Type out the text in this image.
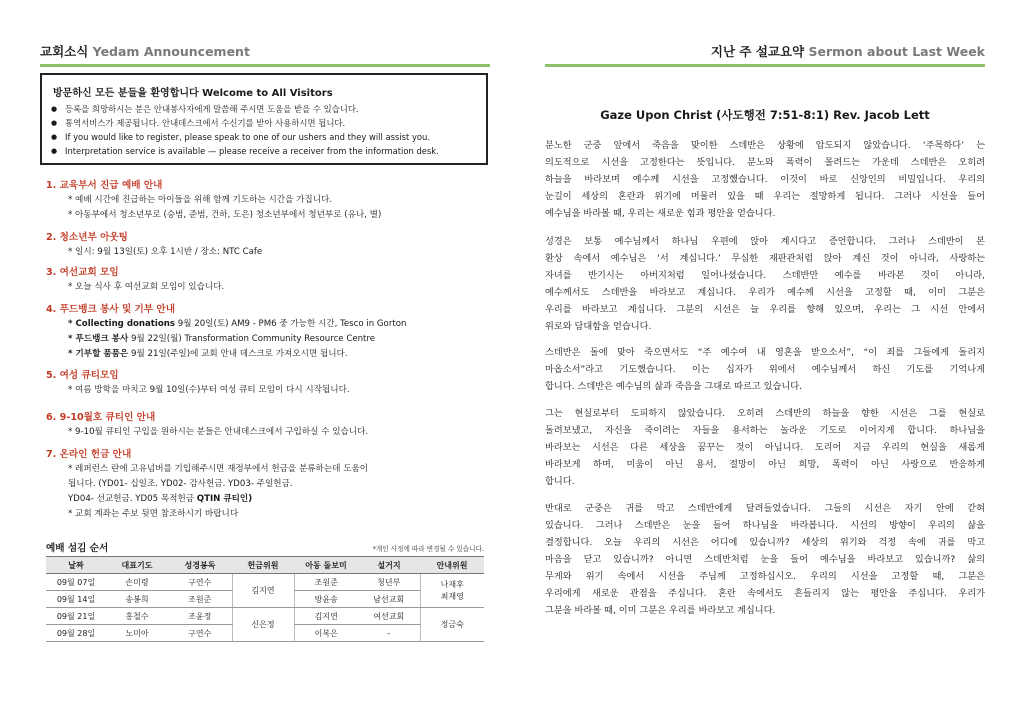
교회소식 Yedam Announcement
방문하신 모든 분들을 환영합니다 Welcome to All Visitors
● 등록을 희망하시는 분은 안내봉사자에게 말씀해 주시면 도움을 받을 수 있습니다.
● 통역서비스가 제공됩니다. 안내데스크에서 수신기를 받아 사용하시면 됩니다.
● If you would like to register, please speak to one of our ushers and they will assist you.
● Interpretation service is available — please receive a receiver from the information desk.
1. 교육부서 진급 예배 안내
* 예배 시간에 진급하는 아이들을 위해 함께 기도하는 시간을 가집니다.
* 아동부에서 청소년부로 (승범, 준범, 건하, 도은) 청소년부에서 청년부로 (유나, 별)
2. 청소년부 아웃팅
* 일시: 9월 13일(토) 오후 1시반 / 장소: NTC Cafe
3. 여선교회 모임
* 오늘 식사 후 여선교회 모임이 있습니다.
4. 푸드뱅크 봉사 및 기부 안내
* Collecting donations 9월 20일(토) AM9 - PM6 중 가능한 시간, Tesco in Gorton
* 푸드뱅크 봉사 9월 22일(월) Transformation Community Resource Centre
* 기부할 품품은 9월 21일(주일)에 교회 안내 데스크로 가져오시면 됩니다.
5. 여성 큐티모임
* 여름 방학을 마치고 9월 10일(수)부터 여성 큐티 모임이 다시 시작됩니다.
6. 9-10월호 큐티인 안내
* 9-10월 큐티인 구입을 원하시는 분들은 안내데스크에서 구입하실 수 있습니다.
7. 온라인 헌금 안내
* 레퍼런스 란에 고유넘버를 기입해주시면 재정부에서 헌금을 분류하는데 도움이
됩니다. (YD01- 십일조. YD02- 감사헌금. YD03- 주일헌금.
YD04- 선교헌금. YD05 목적헌금 QTIN 큐티인)
* 교회 계좌는 주보 뒷면 참조하시기 바랍니다
예배 섬김 순서	*개인 사정에 따라 변경될 수 있습니다.
날짜	대표기도	성경봉독	헌금위원	아동 돌보미	설거지	안내위원
09월 07일	손미령	구연수	김지연	조원준	청년부	나재후
최재영
09월 14일	송봉희	조원준		방윤송	남선교회	
09월 21일	홍철수	조윤정	신은정	김지연	여선교회	정금숙
09월 28일	노미아	구연수		이복은	-	
지난 주 설교요약 Sermon about Last Week
Gaze Upon Christ (사도행전 7:51-8:1) Rev. Jacob Lett
분노한 군중 앞에서 죽음을 맞이한 스데반은 상황에 압도되지 않았습니다. ‘주목하다’ 는
의도적으로 시선을 고정한다는 뜻입니다. 분노와 폭력이 몰려드는 가운데 스데반은 오히려
하늘을 바라보며 예수께 시선을 고정했습니다. 이것이 바로 신앙인의 비밀입니다. 우리의
눈길이 세상의 혼란과 위기에 머물러 있을 때 우리는 절망하게 됩니다. 그러나 시선을 들어
예수님을 바라볼 때, 우리는 새로운 힘과 평안을 얻습니다.
성경은 보통 예수님께서 하나님 우편에 앉아 계시다고 증언합니다. 그러나 스데반이 본
환상 속에서 예수님은 ‘서 계십니다.’ 무심한 재판관처럼 앉아 계신 것이 아니라, 사랑하는
자녀를 반기시는 아버지처럼 일어나셨습니다. 스데반만 예수를 바라본 것이 아니라,
예수께서도 스데반을 바라보고 계십니다. 우리가 예수께 시선을 고정할 때, 이미 그분은
우리를 바라보고 계십니다. 그분의 시선은 늘 우리를 향해 있으며, 우리는 그 시선 안에서
위로와 담대함을 얻습니다.
스데반은 돌에 맞아 죽으면서도 “주 예수여 내 영혼을 받으소서”, “이 죄를 그들에게 돌리지
마옵소서”라고 기도했습니다. 이는 십자가 위에서 예수님께서 하신 기도를 기억나게
합니다. 스데반은 예수님의 삶과 죽음을 그대로 따르고 있습니다.
그는 현실로부터 도피하지 않았습니다. 오히려 스데반의 하늘을 향한 시선은 그를 현실로
돌려보냈고, 자신을 죽이려는 자들을 용서하는 놀라운 기도로 이어지게 합니다. 하나님을
바라보는 시선은 다른 세상을 꿈꾸는 것이 아닙니다. 도리어 지금 우리의 현실을 새롭게
바라보게 하며, 미움이 아닌 용서, 절망이 아닌 희망, 폭력이 아닌 사랑으로 반응하게
합니다.
반대로 군중은 귀를 막고 스데반에게 달려들었습니다. 그들의 시선은 자기 안에 갇혀
있습니다. 그러나 스데반은 눈을 들어 하나님을 바라봅니다. 시선의 방향이 우리의 삶을
결정합니다. 오늘 우리의 시선은 어디에 있습니까? 세상의 위기와 걱정 속에 귀를 막고
마음을 닫고 있습니까? 아니면 스데반처럼 눈을 들어 예수님을 바라보고 있습니까? 삶의
무게와 위기 속에서 시선을 주님께 고정하십시오. 우리의 시선을 고정할 때, 그분은
우리에게 새로운 관점을 주십니다. 혼란 속에서도 흔들리지 않는 평안을 주십니다. 우리가
그분을 바라볼 때, 이미 그분은 우리를 바라보고 계십니다.
